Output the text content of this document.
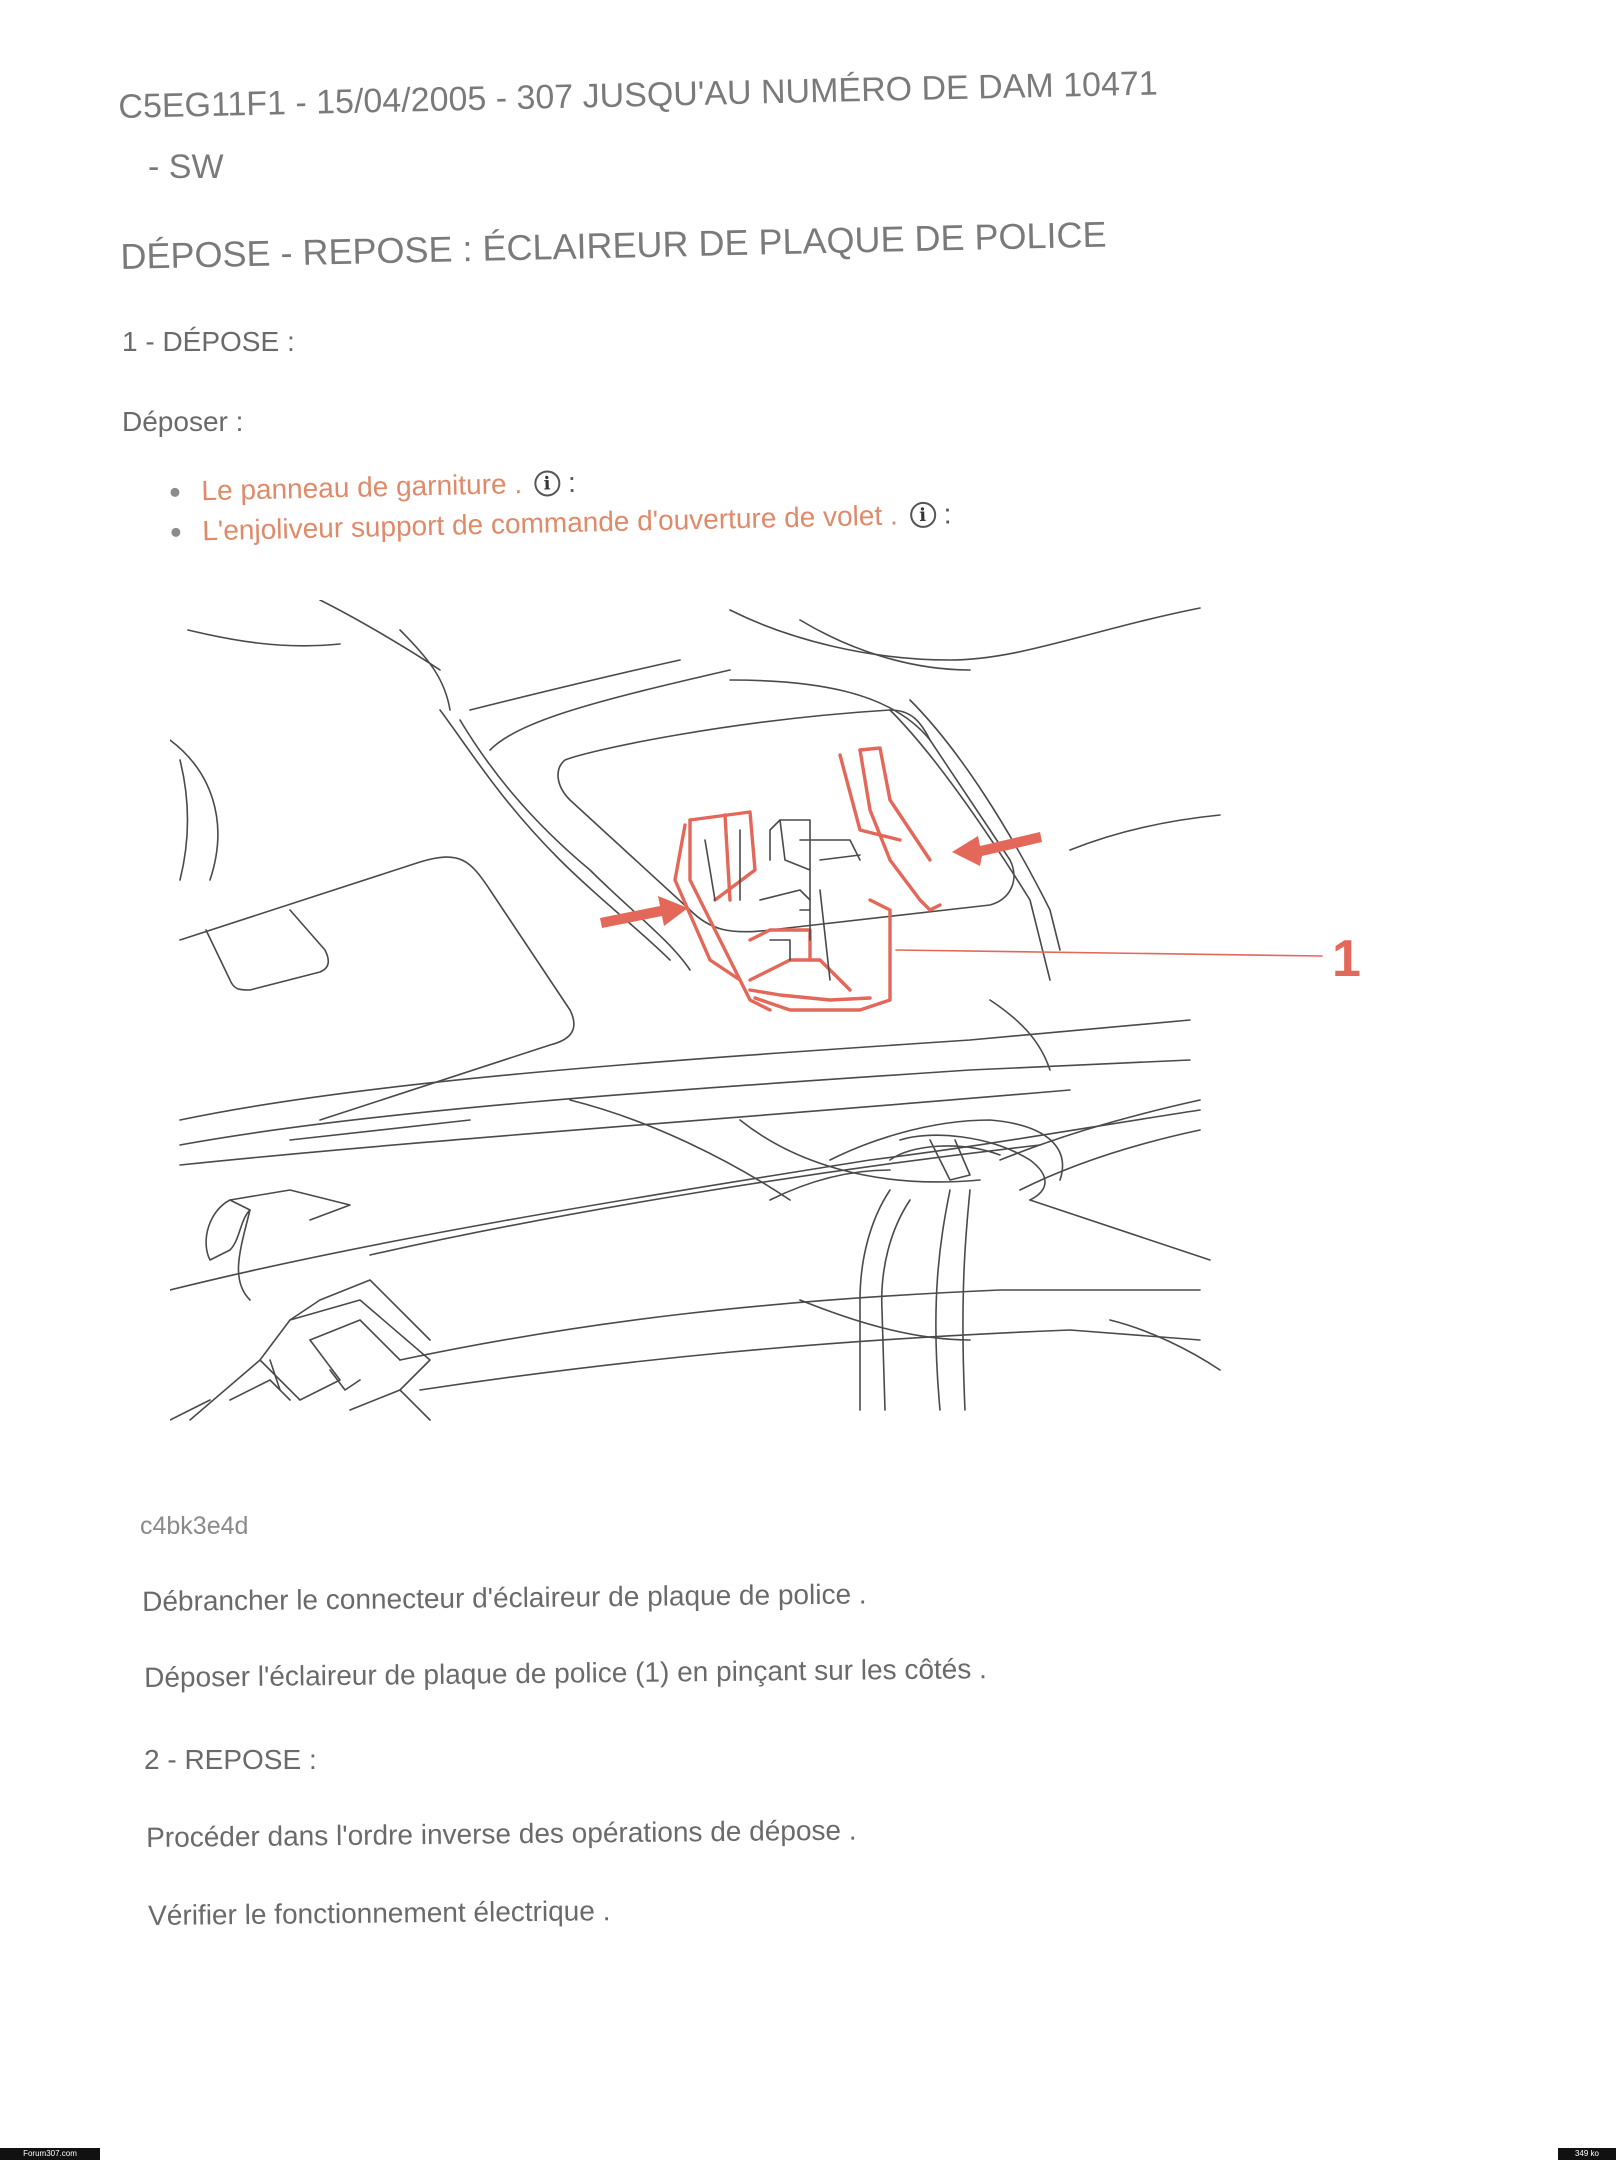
C5EG11F1 - 15/04/2005 - 307 JUSQU'AU NUMÉRO DE DAM 10471
- SW
DÉPOSE - REPOSE : ÉCLAIREUR DE PLAQUE DE POLICE
1 - DÉPOSE :
Déposer :
Le panneau de garniture .	i :
L'enjoliveur support de commande d'ouverture de volet .	i :
1
c4bk3e4d
Débrancher le connecteur d'éclaireur de plaque de police .
Déposer l'éclaireur de plaque de police (1) en pinçant sur les côtés .
2 - REPOSE :
Procéder dans l'ordre inverse des opérations de dépose .
Vérifier le fonctionnement électrique .
Forum307.com	349 ko
